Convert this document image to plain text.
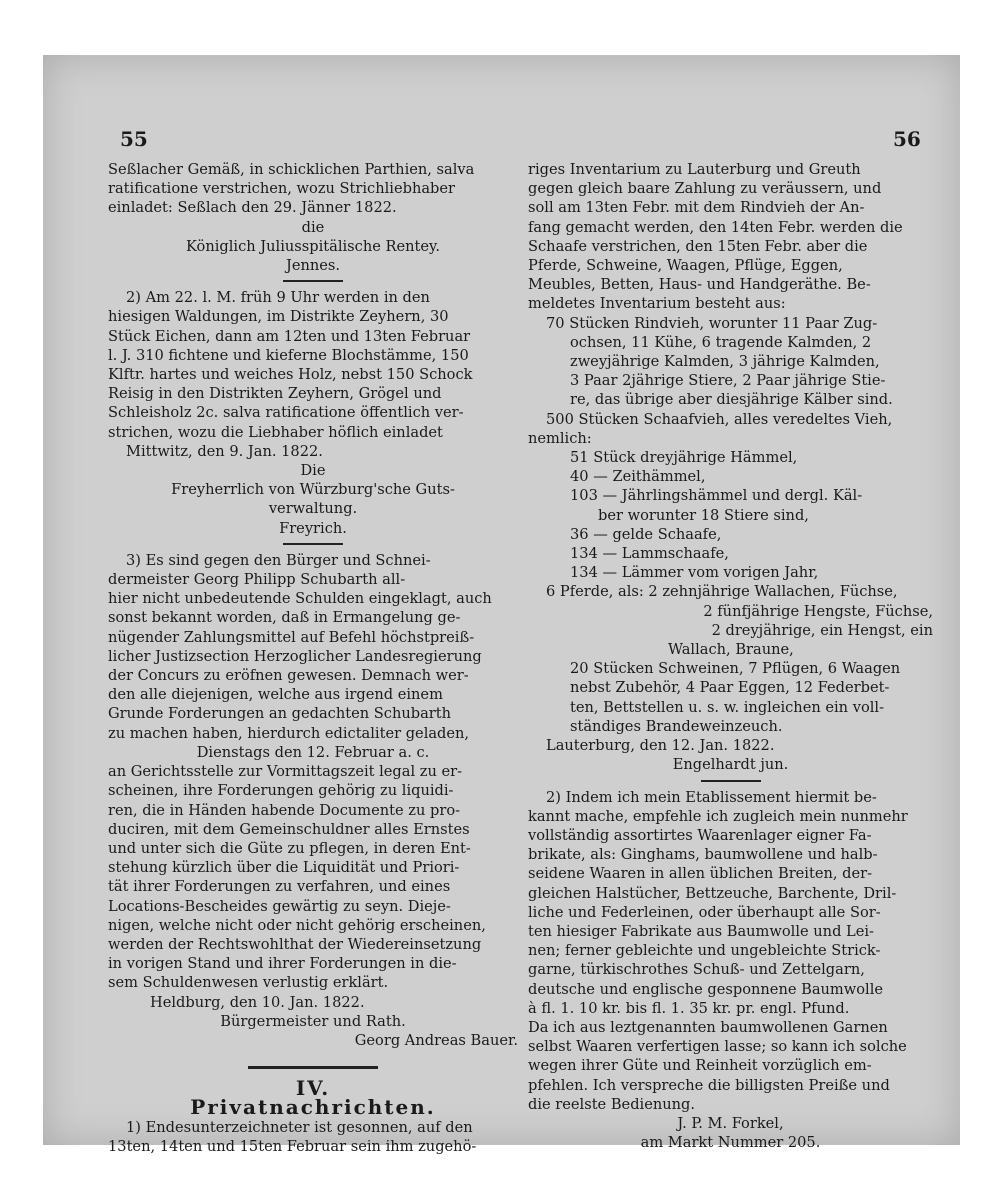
55	56

Seßlacher Gemäß, in schicklichen Parthien, salva

ratificatione verstrichen, wozu Strichliebhaber

einladet: Seßlach den 29. Jänner 1822.

die

Königlich Juliusspitälische Rentey.

Jennes.

2) Am 22. l. M. früh 9 Uhr werden in den

hiesigen Waldungen, im Distrikte Zeyhern, 30

Stück Eichen, dann am 12ten und 13ten Februar

l. J. 310 fichtene und kieferne Blochstämme, 150

Klftr. hartes und weiches Holz, nebst 150 Schock

Reisig in den Distrikten Zeyhern, Grögel und

Schleisholz 2c. salva ratificatione öffentlich ver-

strichen, wozu die Liebhaber höflich einladet

Mittwitz, den 9. Jan. 1822.

Die

Freyherrlich von Würzburg'sche Guts-

verwaltung.

Freyrich.

3) Es sind gegen den Bürger und Schnei-

dermeister Georg Philipp Schubarth all-

hier nicht unbedeutende Schulden eingeklagt, auch

sonst bekannt worden, daß in Ermangelung ge-

nügender Zahlungsmittel auf Befehl höchstpreiß-

licher Justizsection Herzoglicher Landesregierung

der Concurs zu eröfnen gewesen. Demnach wer-

den alle diejenigen, welche aus irgend einem

Grunde Forderungen an gedachten Schubarth

zu machen haben, hierdurch edictaliter geladen,

Dienstags den 12. Februar a. c.

an Gerichtsstelle zur Vormittagszeit legal zu er-

scheinen, ihre Forderungen gehörig zu liquidi-

ren, die in Händen habende Documente zu pro-

duciren, mit dem Gemeinschuldner alles Ernstes

und unter sich die Güte zu pflegen, in deren Ent-

stehung kürzlich über die Liquidität und Priori-

tät ihrer Forderungen zu verfahren, und eines

Locations-Bescheides gewärtig zu seyn. Dieje-

nigen, welche nicht oder nicht gehörig erscheinen,

werden der Rechtswohlthat der Wiedereinsetzung

in vorigen Stand und ihrer Forderungen in die-

sem Schuldenwesen verlustig erklärt.

Heldburg, den 10. Jan. 1822.

Bürgermeister und Rath.

Georg Andreas Bauer.

IV.

Privatnachrichten.

1) Endesunterzeichneter ist gesonnen, auf den

13ten, 14ten und 15ten Februar sein ihm zugehö-

riges Inventarium zu Lauterburg und Greuth

gegen gleich baare Zahlung zu veräussern, und

soll am 13ten Febr. mit dem Rindvieh der An-

fang gemacht werden, den 14ten Febr. werden die

Schaafe verstrichen, den 15ten Febr. aber die

Pferde, Schweine, Waagen, Pflüge, Eggen,

Meubles, Betten, Haus- und Handgeräthe. Be-

meldetes Inventarium besteht aus:

70 Stücken Rindvieh, worunter 11 Paar Zug-

ochsen, 11 Kühe, 6 tragende Kalmden, 2

zweyjährige Kalmden, 3 jährige Kalmden,

3 Paar 2jährige Stiere, 2 Paar jährige Stie-

re, das übrige aber diesjährige Kälber sind.

500 Stücken Schaafvieh, alles veredeltes Vieh,

nemlich:

51 Stück dreyjährige Hämmel,

40 — Zeithämmel,

103 — Jährlingshämmel und dergl. Käl-

ber worunter 18 Stiere sind,

36 — gelde Schaafe,

134 — Lammschaafe,

134 — Lämmer vom vorigen Jahr,

6 Pferde, als: 2 zehnjährige Wallachen, Füchse,

2 fünfjährige Hengste, Füchse,

2 dreyjährige, ein Hengst, ein

Wallach, Braune,

20 Stücken Schweinen, 7 Pflügen, 6 Waagen

nebst Zubehör, 4 Paar Eggen, 12 Federbet-

ten, Bettstellen u. s. w. ingleichen ein voll-

ständiges Brandeweinzeuch.

Lauterburg, den 12. Jan. 1822.

Engelhardt jun.

2) Indem ich mein Etablissement hiermit be-

kannt mache, empfehle ich zugleich mein nunmehr

vollständig assortirtes Waarenlager eigner Fa-

brikate, als: Ginghams, baumwollene und halb-

seidene Waaren in allen üblichen Breiten, der-

gleichen Halstücher, Bettzeuche, Barchente, Dril-

liche und Federleinen, oder überhaupt alle Sor-

ten hiesiger Fabrikate aus Baumwolle und Lei-

nen; ferner gebleichte und ungebleichte Strick-

garne, türkischrothes Schuß- und Zettelgarn,

deutsche und englische gesponnene Baumwolle

à fl. 1. 10 kr. bis fl. 1. 35 kr. pr. engl. Pfund.

Da ich aus leztgenannten baumwollenen Garnen

selbst Waaren verfertigen lasse; so kann ich solche

wegen ihrer Güte und Reinheit vorzüglich em-

pfehlen. Ich verspreche die billigsten Preiße und

die reelste Bedienung.

J. P. M. Forkel,

am Markt Nummer 205.
